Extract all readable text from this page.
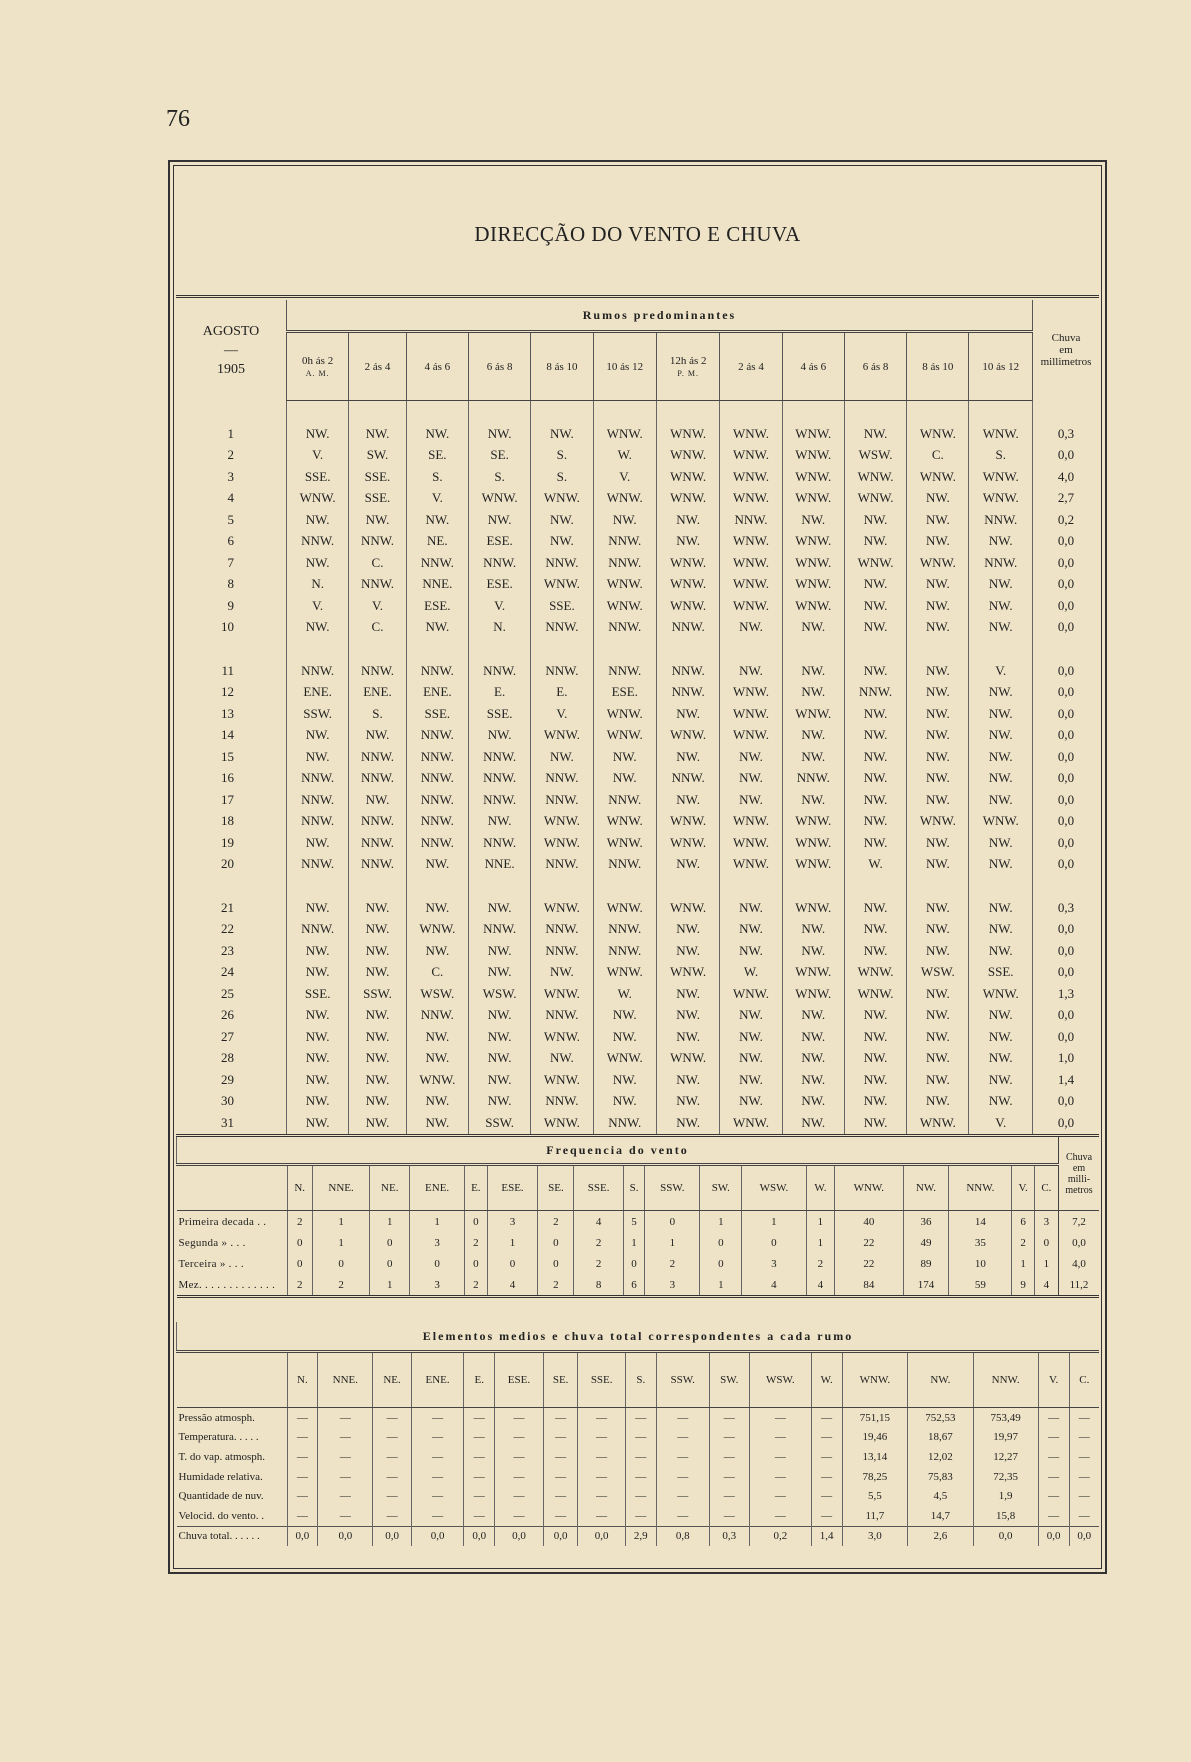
76
DIRECÇÃO DO VENTO E CHUVA
AGOSTO
—
1905	Rumos predominantes												Chuva
em
millimetros
	0h ás 2
A. M.	2 ás 4	4 ás 6	6 ás 8	8 ás 10	10 ás 12	12h ás 2
P. M.	2 ás 4	4 ás 6	6 ás 8	8 ás 10	10 ás 12	

1	NW.	NW.	NW.	NW.	NW.	WNW.	WNW.	WNW.	WNW.	NW.	WNW.	WNW.	0,3
2	V.	SW.	SE.	SE.	S.	W.	WNW.	WNW.	WNW.	WSW.	C.	S.	0,0
3	SSE.	SSE.	S.	S.	S.	V.	WNW.	WNW.	WNW.	WNW.	WNW.	WNW.	4,0
4	WNW.	SSE.	V.	WNW.	WNW.	WNW.	WNW.	WNW.	WNW.	WNW.	NW.	WNW.	2,7
5	NW.	NW.	NW.	NW.	NW.	NW.	NW.	NNW.	NW.	NW.	NW.	NNW.	0,2
6	NNW.	NNW.	NE.	ESE.	NW.	NNW.	NW.	WNW.	WNW.	NW.	NW.	NW.	0,0
7	NW.	C.	NNW.	NNW.	NNW.	NNW.	WNW.	WNW.	WNW.	WNW.	WNW.	NNW.	0,0
8	N.	NNW.	NNE.	ESE.	WNW.	WNW.	WNW.	WNW.	WNW.	NW.	NW.	NW.	0,0
9	V.	V.	ESE.	V.	SSE.	WNW.	WNW.	WNW.	WNW.	NW.	NW.	NW.	0,0
10	NW.	C.	NW.	N.	NNW.	NNW.	NNW.	NW.	NW.	NW.	NW.	NW.	0,0

11	NNW.	NNW.	NNW.	NNW.	NNW.	NNW.	NNW.	NW.	NW.	NW.	NW.	V.	0,0
12	ENE.	ENE.	ENE.	E.	E.	ESE.	NNW.	WNW.	NW.	NNW.	NW.	NW.	0,0
13	SSW.	S.	SSE.	SSE.	V.	WNW.	NW.	WNW.	WNW.	NW.	NW.	NW.	0,0
14	NW.	NW.	NNW.	NW.	WNW.	WNW.	WNW.	WNW.	NW.	NW.	NW.	NW.	0,0
15	NW.	NNW.	NNW.	NNW.	NW.	NW.	NW.	NW.	NW.	NW.	NW.	NW.	0,0
16	NNW.	NNW.	NNW.	NNW.	NNW.	NW.	NNW.	NW.	NNW.	NW.	NW.	NW.	0,0
17	NNW.	NW.	NNW.	NNW.	NNW.	NNW.	NW.	NW.	NW.	NW.	NW.	NW.	0,0
18	NNW.	NNW.	NNW.	NW.	WNW.	WNW.	WNW.	WNW.	WNW.	NW.	WNW.	WNW.	0,0
19	NW.	NNW.	NNW.	NNW.	WNW.	WNW.	WNW.	WNW.	WNW.	NW.	NW.	NW.	0,0
20	NNW.	NNW.	NW.	NNE.	NNW.	NNW.	NW.	WNW.	WNW.	W.	NW.	NW.	0,0

21	NW.	NW.	NW.	NW.	WNW.	WNW.	WNW.	NW.	WNW.	NW.	NW.	NW.	0,3
22	NNW.	NW.	WNW.	NNW.	NNW.	NNW.	NW.	NW.	NW.	NW.	NW.	NW.	0,0
23	NW.	NW.	NW.	NW.	NNW.	NNW.	NW.	NW.	NW.	NW.	NW.	NW.	0,0
24	NW.	NW.	C.	NW.	NW.	WNW.	WNW.	W.	WNW.	WNW.	WSW.	SSE.	0,0
25	SSE.	SSW.	WSW.	WSW.	WNW.	W.	NW.	WNW.	WNW.	WNW.	NW.	WNW.	1,3
26	NW.	NW.	NNW.	NW.	NNW.	NW.	NW.	NW.	NW.	NW.	NW.	NW.	0,0
27	NW.	NW.	NW.	NW.	WNW.	NW.	NW.	NW.	NW.	NW.	NW.	NW.	0,0
28	NW.	NW.	NW.	NW.	NW.	WNW.	WNW.	NW.	NW.	NW.	NW.	NW.	1,0
29	NW.	NW.	WNW.	NW.	WNW.	NW.	NW.	NW.	NW.	NW.	NW.	NW.	1,4
30	NW.	NW.	NW.	NW.	NNW.	NW.	NW.	NW.	NW.	NW.	NW.	NW.	0,0
31	NW.	NW.	NW.	SSW.	WNW.	NNW.	NW.	WNW.	NW.	NW.	WNW.	V.	0,0
Frequencia do vento																			Chuva
em
milli-
metros
	N.	NNE.	NE.	ENE.	E.	ESE.	SE.	SSE.	S.	SSW.	SW.	WSW.	W.	WNW.	NW.	NNW.	V.	C.	
Primeira decada . .	2	1	1	1	0	3	2	4	5	0	1	1	1	40	36	14	6	3	7,2
Segunda » . . .	0	1	0	3	2	1	0	2	1	1	0	0	1	22	49	35	2	0	0,0
Terceira » . . .	0	0	0	0	0	0	0	2	0	2	0	3	2	22	89	10	1	1	4,0
Mez. . . . . . . . . . . . .	2	2	1	3	2	4	2	8	6	3	1	4	4	84	174	59	9	4	11,2
Elementos medios e chuva total correspondentes a cada rumo																		
	N.	NNE.	NE.	ENE.	E.	ESE.	SE.	SSE.	S.	SSW.	SW.	WSW.	W.	WNW.	NW.	NNW.	V.	C.
Pressão atmosph.	—	—	—	—	—	—	—	—	—	—	—	—	—	751,15	752,53	753,49	—	—
Temperatura. . . . .	—	—	—	—	—	—	—	—	—	—	—	—	—	19,46	18,67	19,97	—	—
T. do vap. atmosph.	—	—	—	—	—	—	—	—	—	—	—	—	—	13,14	12,02	12,27	—	—
Humidade relativa.	—	—	—	—	—	—	—	—	—	—	—	—	—	78,25	75,83	72,35	—	—
Quantidade de nuv.	—	—	—	—	—	—	—	—	—	—	—	—	—	5,5	4,5	1,9	—	—
Velocid. do vento. .	—	—	—	—	—	—	—	—	—	—	—	—	—	11,7	14,7	15,8	—	—
Chuva total. . . . . .	0,0	0,0	0,0	0,0	0,0	0,0	0,0	0,0	2,9	0,8	0,3	0,2	1,4	3,0	2,6	0,0	0,0	0,0
